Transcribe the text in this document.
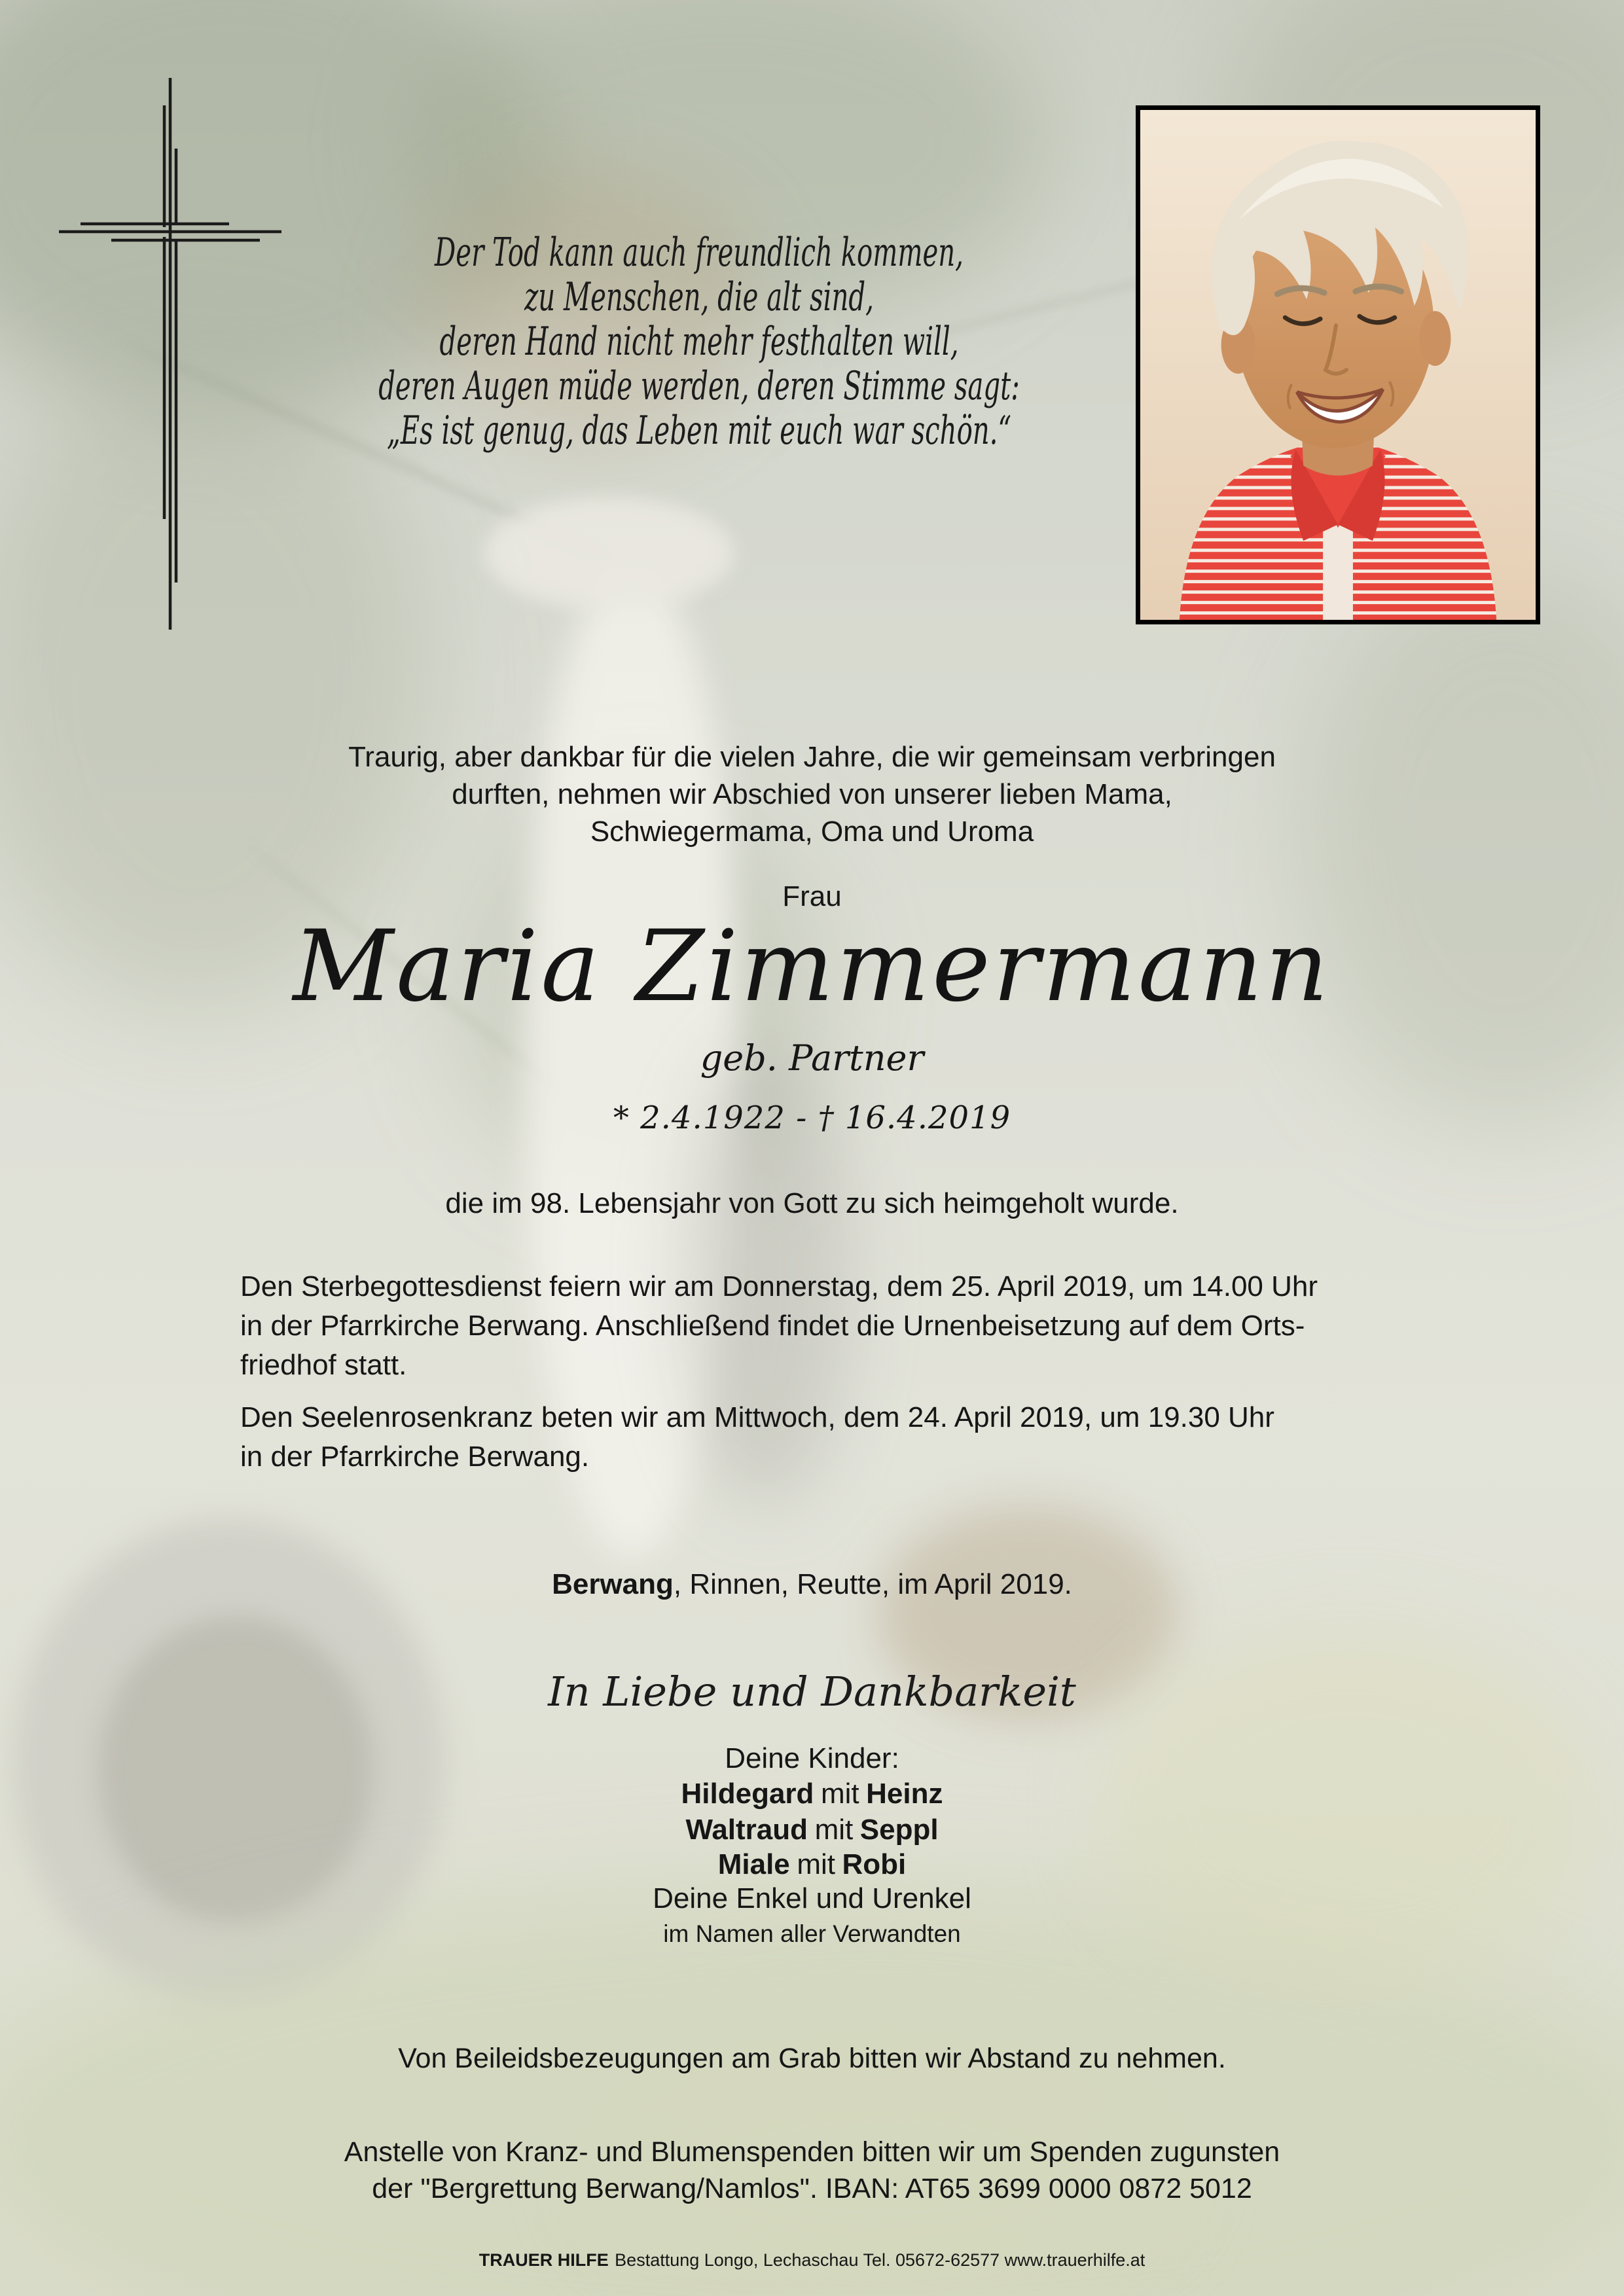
Der Tod kann auch freundlich kommen,
zu Menschen, die alt sind,
deren Hand nicht mehr festhalten will,
deren Augen müde werden, deren Stimme sagt:
„Es ist genug, das Leben mit euch war schön.“
Traurig, aber dankbar für die vielen Jahre, die wir gemeinsam verbringen
durften, nehmen wir Abschied von unserer lieben Mama,
Schwiegermama, Oma und Uroma
Frau
Maria Zimmermann
geb. Partner
* 2.4.1922 - † 16.4.2019
die im 98. Lebensjahr von Gott zu sich heimgeholt wurde.
Den Sterbegottesdienst feiern wir am Donnerstag, dem 25. April 2019, um 14.00 Uhr
in der Pfarrkirche Berwang. Anschließend findet die Urnenbeisetzung auf dem Orts-
friedhof statt.
Den Seelenrosenkranz beten wir am Mittwoch, dem 24. April 2019, um 19.30 Uhr
in der Pfarrkirche Berwang.
Berwang, Rinnen, Reutte, im April 2019.
In Liebe und Dankbarkeit
Deine Kinder:
Hildegard mit Heinz
Waltraud mit Seppl
Miale mit Robi
Deine Enkel und Urenkel
im Namen aller Verwandten
Von Beileidsbezeugungen am Grab bitten wir Abstand zu nehmen.
Anstelle von Kranz- und Blumenspenden bitten wir um Spenden zugunsten
der "Bergrettung Berwang/Namlos". IBAN: AT65 3699 0000 0872 5012
TRAUER HILFE Bestattung Longo, Lechaschau Tel. 05672-62577 www.trauerhilfe.at
